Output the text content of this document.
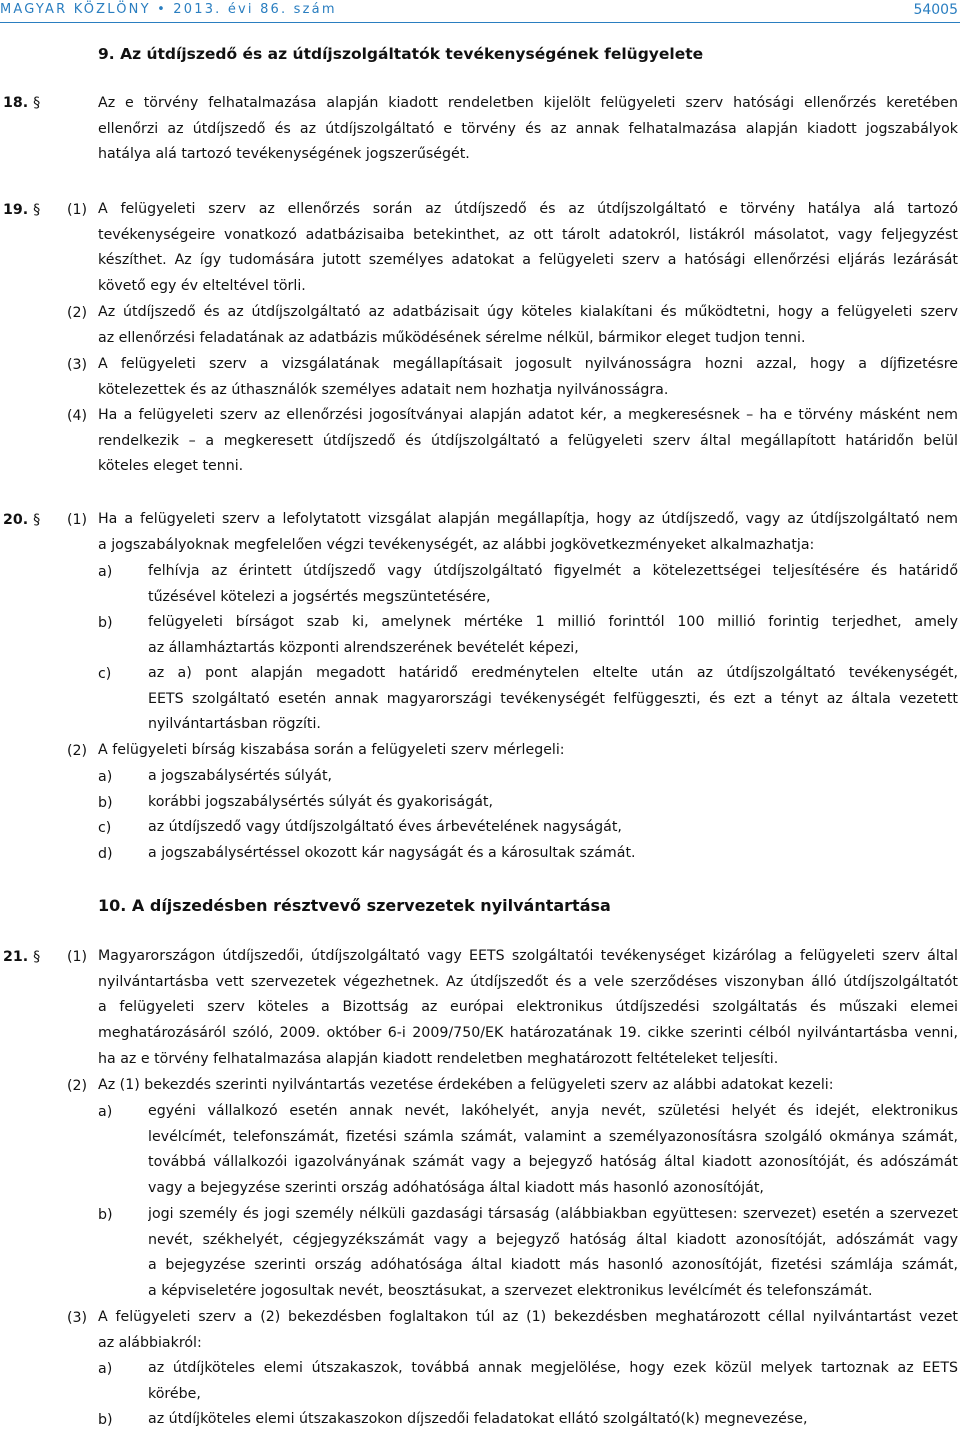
MAGYAR KÖZLÖNY • 2013. évi 86. szám	54005
9. Az útdíjszedő és az útdíjszolgáltatók tevékenységének felügyelete
18. §	Az e törvény felhatalmazása alapján kiadott rendeletben kijelölt felügyeleti szerv hatósági ellenőrzés keretében
ellenőrzi az útdíjszedő és az útdíjszolgáltató e törvény és az annak felhatalmazása alapján kiadott jogszabályok
hatálya alá tartozó tevékenységének jogszerűségét.
19. § (1) A felügyeleti szerv az ellenőrzés során az útdíjszedő és az útdíjszolgáltató e törvény hatálya alá tartozó
tevékenységeire vonatkozó adatbázisaiba betekinthet, az ott tárolt adatokról, listákról másolatot, vagy feljegyzést
készíthet. Az így tudomására jutott személyes adatokat a felügyeleti szerv a hatósági ellenőrzési eljárás lezárását
követő egy év elteltével törli.
(2) Az útdíjszedő és az útdíjszolgáltató az adatbázisait úgy köteles kialakítani és működtetni, hogy a felügyeleti szerv
az ellenőrzési feladatának az adatbázis működésének sérelme nélkül, bármikor eleget tudjon tenni.
(3) A felügyeleti szerv a vizsgálatának megállapításait jogosult nyilvánosságra hozni azzal, hogy a díjfizetésre
kötelezettek és az úthasználók személyes adatait nem hozhatja nyilvánosságra.
(4) Ha a felügyeleti szerv az ellenőrzési jogosítványai alapján adatot kér, a megkeresésnek – ha e törvény másként nem
rendelkezik – a megkeresett útdíjszedő és útdíjszolgáltató a felügyeleti szerv által megállapított határidőn belül
köteles eleget tenni.
20. § (1) Ha a felügyeleti szerv a lefolytatott vizsgálat alapján megállapítja, hogy az útdíjszedő, vagy az útdíjszolgáltató nem
a jogszabályoknak megfelelően végzi tevékenységét, az alábbi jogkövetkezményeket alkalmazhatja:
a)	felhívja az érintett útdíjszedő vagy útdíjszolgáltató figyelmét a kötelezettségei teljesítésére és határidő
tűzésével kötelezi a jogsértés megszüntetésére,
b) felügyeleti bírságot szab ki, amelynek mértéke 1 millió forinttól 100 millió forintig terjedhet, amely
az államháztartás központi alrendszerének bevételét képezi,
c)	az a) pont alapján megadott határidő eredménytelen eltelte után az útdíjszolgáltató tevékenységét,
EETS szolgáltató esetén annak magyarországi tevékenységét felfüggeszti, és ezt a tényt az általa vezetett
nyilvántartásban rögzíti.
(2) A felügyeleti bírság kiszabása során a felügyeleti szerv mérlegeli:
a)	a jogszabálysértés súlyát,
b) korábbi jogszabálysértés súlyát és gyakoriságát,
c)	az útdíjszedő vagy útdíjszolgáltató éves árbevételének nagyságát,
d) a jogszabálysértéssel okozott kár nagyságát és a károsultak számát.
10. A díjszedésben résztvevő szervezetek nyilvántartása
21. § (1) Magyarországon útdíjszedői, útdíjszolgáltató vagy EETS szolgáltatói tevékenységet kizárólag a felügyeleti szerv által
nyilvántartásba vett szervezetek végezhetnek. Az útdíjszedőt és a vele szerződéses viszonyban álló útdíjszolgáltatót
a felügyeleti szerv köteles a Bizottság az európai elektronikus útdíjszedési szolgáltatás és műszaki elemei
meghatározásáról szóló, 2009. október 6-i 2009/750/EK határozatának 19. cikke szerinti célból nyilvántartásba venni,
ha az e törvény felhatalmazása alapján kiadott rendeletben meghatározott feltételeket teljesíti.
(2) Az (1) bekezdés szerinti nyilvántartás vezetése érdekében a felügyeleti szerv az alábbi adatokat kezeli:
a)	egyéni vállalkozó esetén annak nevét, lakóhelyét, anyja nevét, születési helyét és idejét, elektronikus
levélcímét, telefonszámát, fizetési számla számát, valamint a személyazonosításra szolgáló okmánya számát,
továbbá vállalkozói igazolványának számát vagy a bejegyző hatóság által kiadott azonosítóját, és adószámát
vagy a bejegyzése szerinti ország adóhatósága által kiadott más hasonló azonosítóját,
b) jogi személy és jogi személy nélküli gazdasági társaság (alábbiakban együttesen: szervezet) esetén a szervezet
nevét, székhelyét, cégjegyzékszámát vagy a bejegyző hatóság által kiadott azonosítóját, adószámát vagy
a bejegyzése szerinti ország adóhatósága által kiadott más hasonló azonosítóját, fizetési számlája számát,
a képviseletére jogosultak nevét, beosztásukat, a szervezet elektronikus levélcímét és telefonszámát.
(3) A felügyeleti szerv a (2) bekezdésben foglaltakon túl az (1) bekezdésben meghatározott céllal nyilvántartást vezet
az alábbiakról:
a)	az útdíjköteles elemi útszakaszok, továbbá annak megjelölése, hogy ezek közül melyek tartoznak az EETS
körébe,
b) az útdíjköteles elemi útszakaszokon díjszedői feladatokat ellátó szolgáltató(k) megnevezése,
